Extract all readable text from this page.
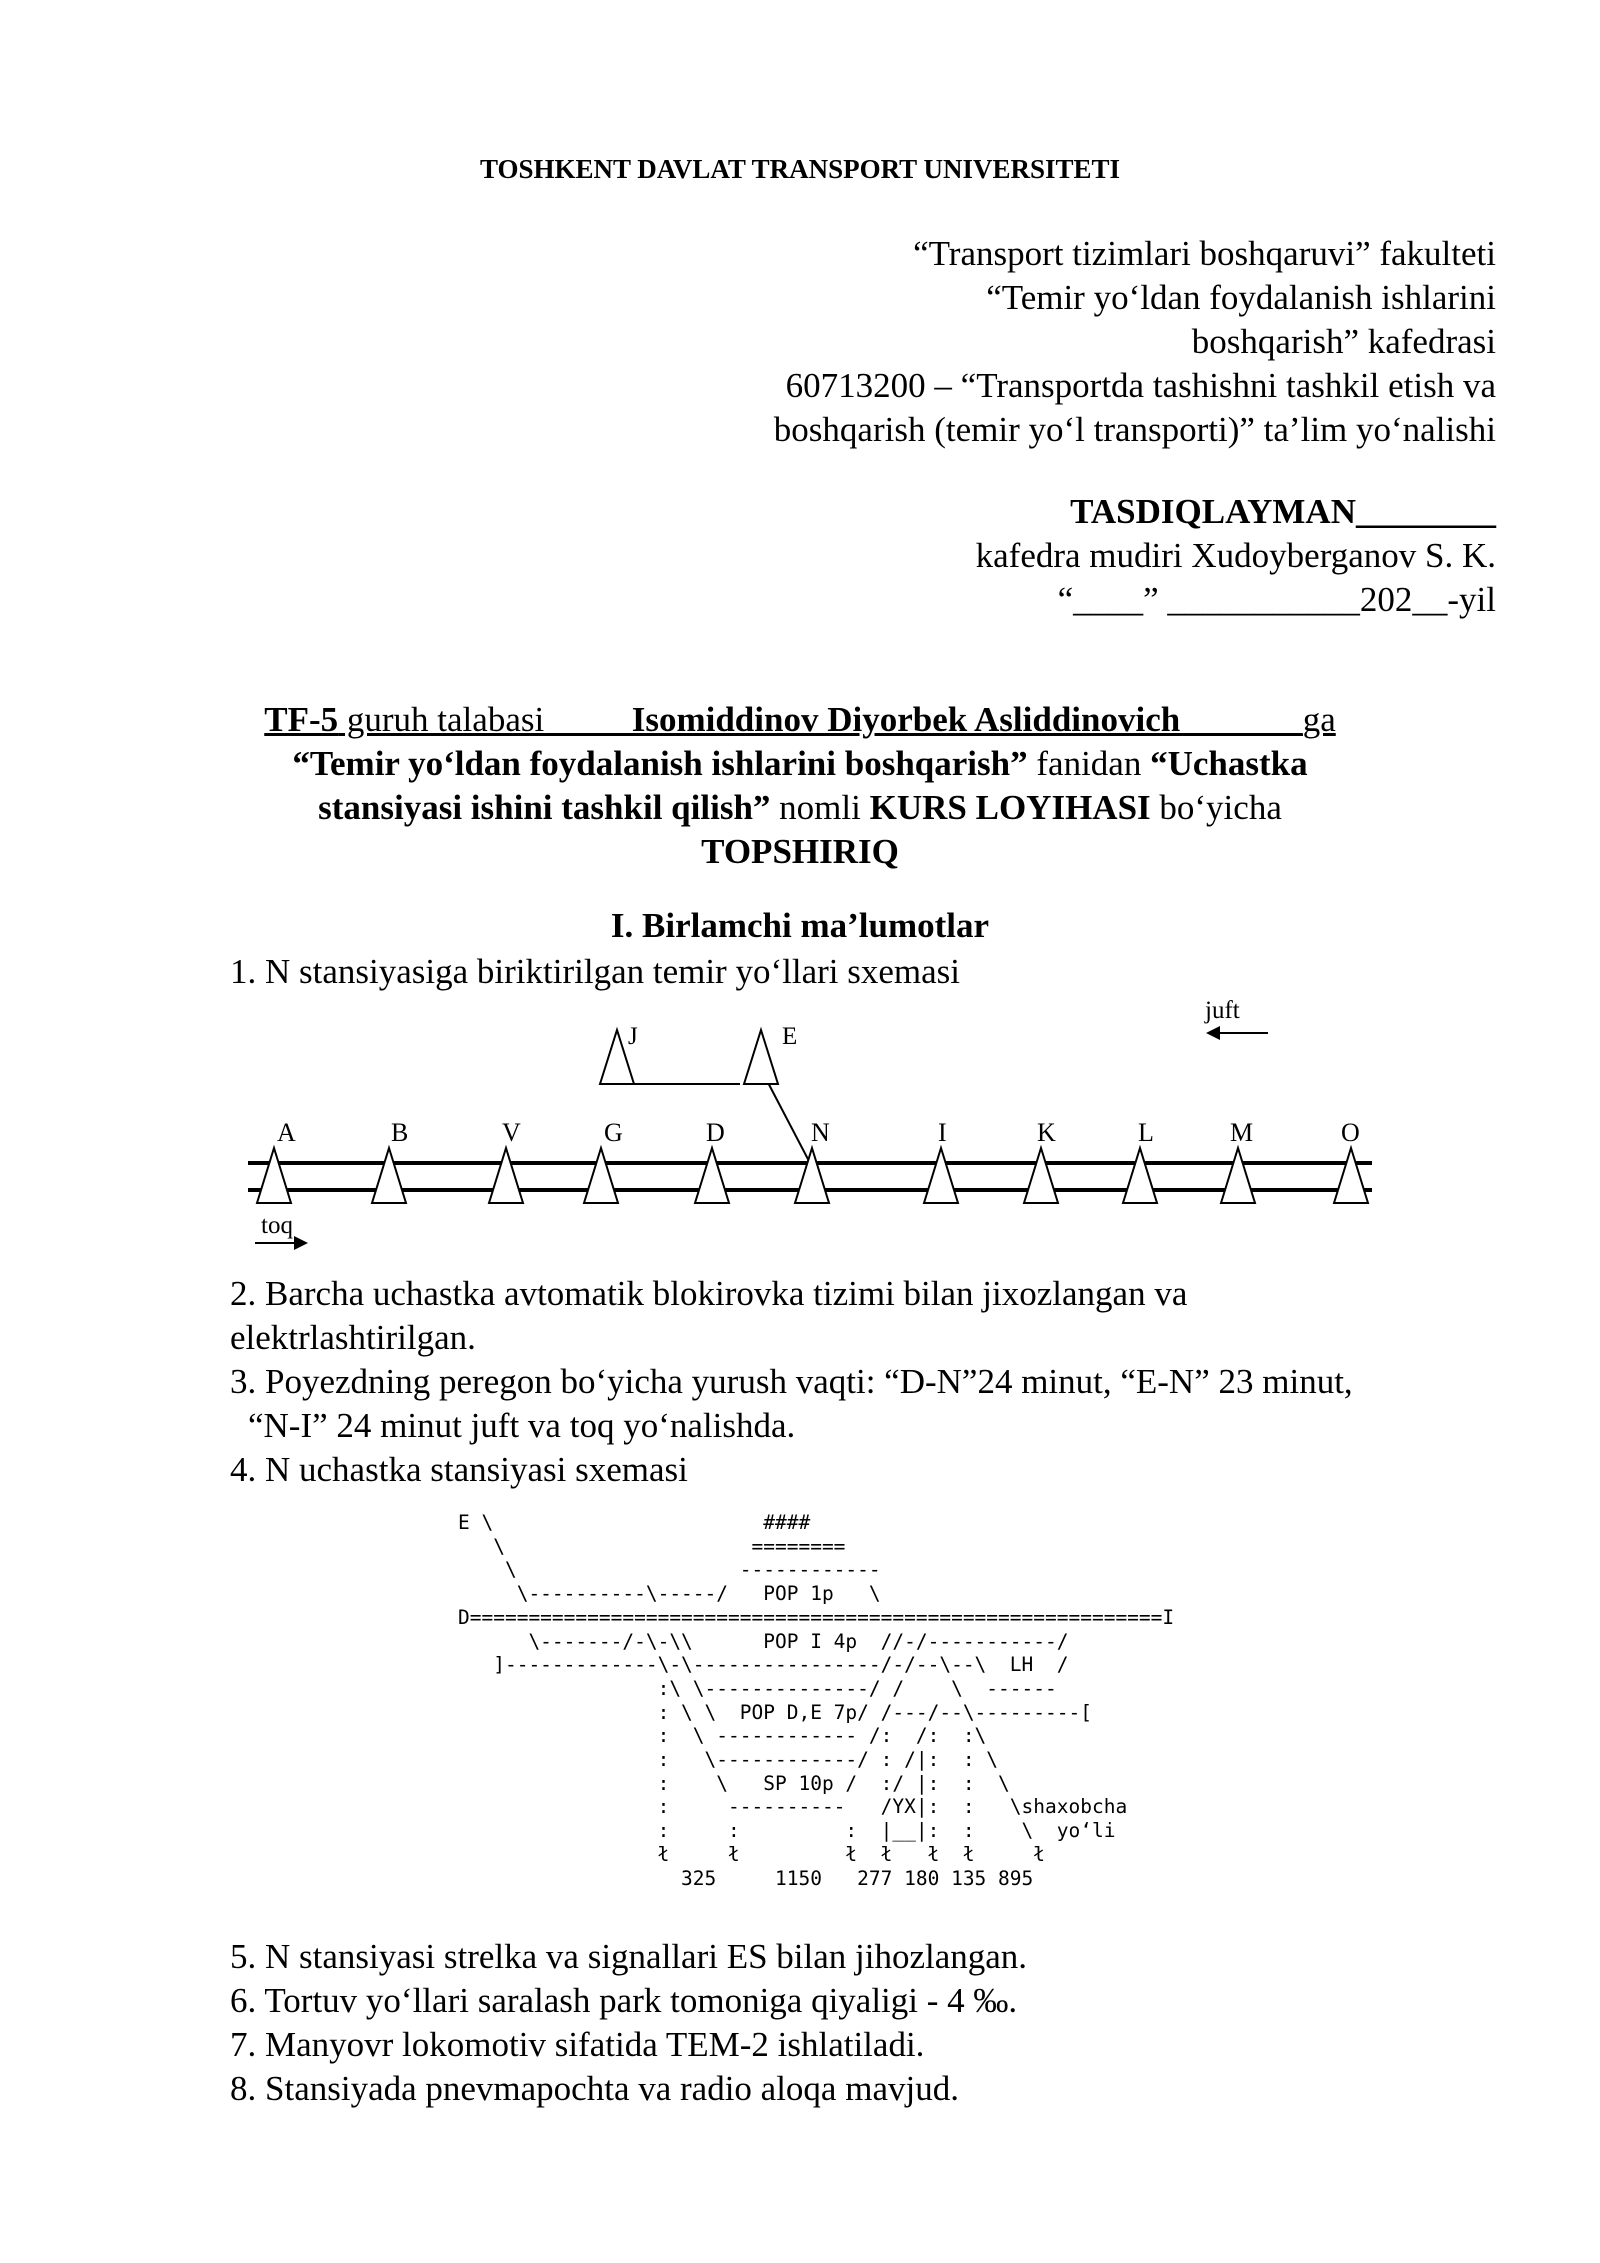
TOSHKENT DAVLAT TRANSPORT UNIVERSITETI
“Transport tizimlari boshqaruvi” fakulteti
“Temir yo‘ldan foydalanish ishlarini
boshqarish” kafedrasi
60713200 – “Transportda tashishni tashkil etish va
boshqarish (temir yo‘l transporti)” ta’lim yo‘nalishi
TASDIQLAYMAN________
kafedra mudiri Xudoyberganov S. K.
“____” ___________202__-yil
TF-5 guruh talabasi_____Isomiddinov Diyorbek Asliddinovich_______ga
“Temir yo‘ldan foydalanish ishlarini boshqarish” fanidan “Uchastka
stansiyasi ishini tashkil qilish” nomli KURS LOYIHASI bo‘yicha
TOPSHIRIQ
I. Birlamchi ma’lumotlar
1. N stansiyasiga biriktirilgan temir yo‘llari sxemasi
J	E
A	B	V	G	D	N	I	K	L	M	O
juft
toq
2. Barcha uchastka avtomatik blokirovka tizimi bilan jixozlangan va
elektrlashtirilgan.
3. Poyezdning peregon bo‘yicha yurush vaqti: “D-N”24 minut, “E-N” 23 minut,
“N-I” 24 minut juft va toq yo‘nalishda.
4. N uchastka stansiyasi sxemasi
E \                       ####
\                     ========
\                   ------------
\----------\-----/   POP 1p   \
D===========================================================I
\-------/-\-\\      POP I 4p  //-/-----------/
]-------------\-\----------------/-/--\--\  LH  /
:\ \--------------/ /    \  ------
: \ \  POP D,E 7p/ /---/--\---------[
:  \ ------------ /:  /:  :\
:   \------------/ : /|:  : \
:    \   SP 10p /  :/ |:  :  \
:     ----------   /YX|:  :   \shaxobcha
:     :         :  |__|:  :    \  yo‘li
ł     ł         ł  ł   ł  ł     ł
325     1150   277 180 135 895
5. N stansiyasi strelka va signallari ES bilan jihozlangan.
6. Tortuv yo‘llari saralash park tomoniga qiyaligi - 4 ‰.
7. Manyovr lokomotiv sifatida TEM-2 ishlatiladi.
8. Stansiyada pnevmapochta va radio aloqa mavjud.
